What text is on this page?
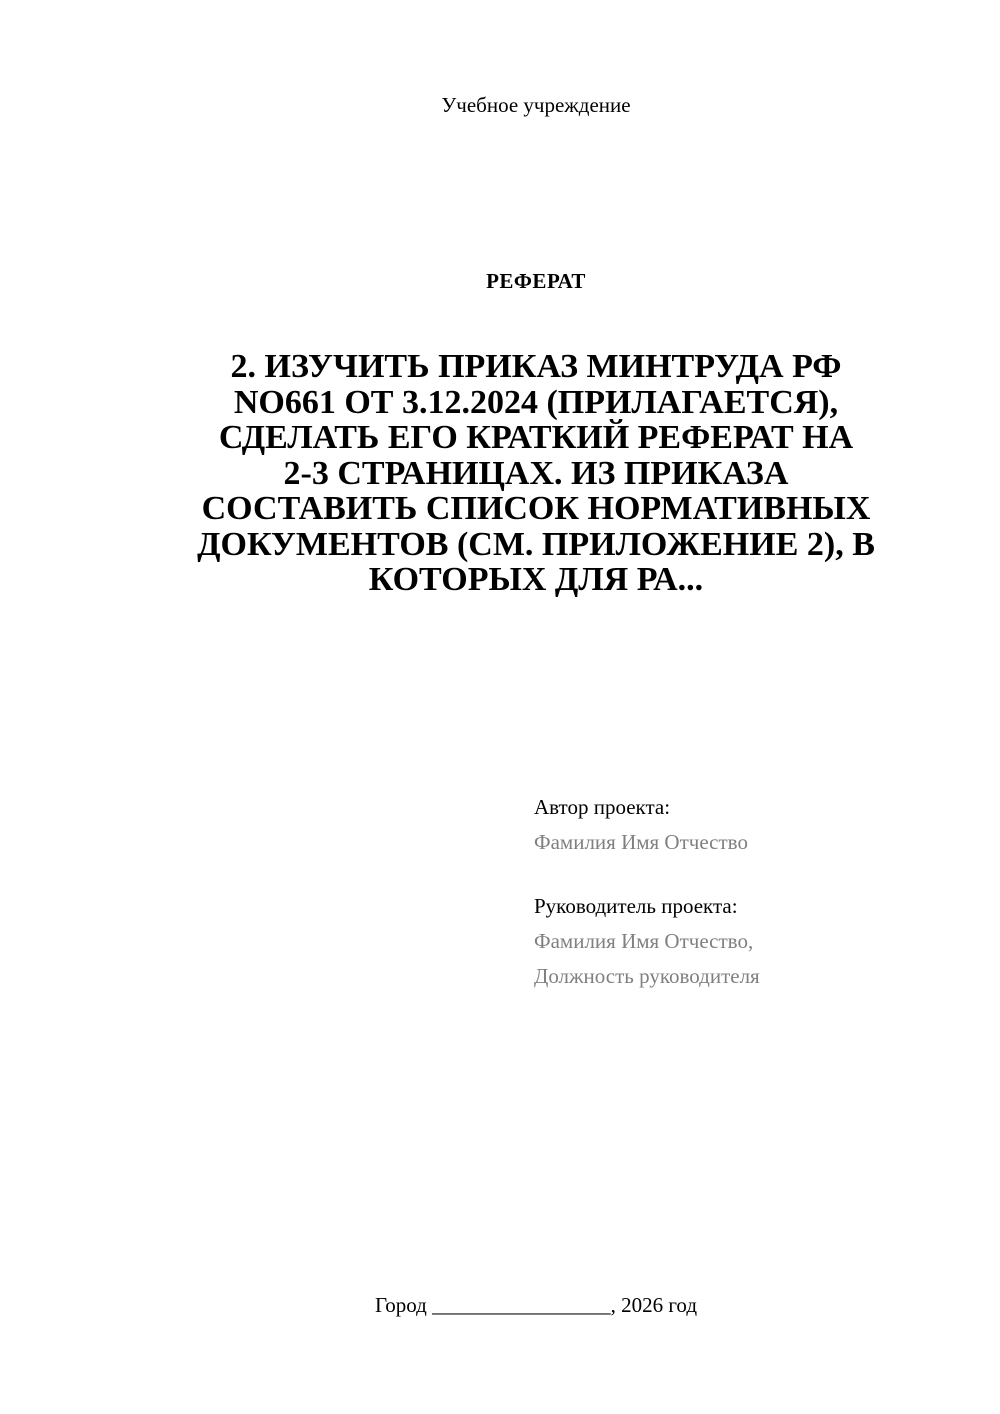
Учебное учреждение
РЕФЕРАТ
2. ИЗУЧИТЬ ПРИКАЗ МИНТРУДА РФ
NO661 ОТ 3.12.2024 (ПРИЛАГАЕТСЯ),
СДЕЛАТЬ ЕГО КРАТКИЙ РЕФЕРАТ НА
2-3 СТРАНИЦАХ. ИЗ ПРИКАЗА
СОСТАВИТЬ СПИСОК НОРМАТИВНЫХ
ДОКУМЕНТОВ (СМ. ПРИЛОЖЕНИЕ 2), В
КОТОРЫХ ДЛЯ РА...
Автор проекта:
Фамилия Имя Отчество
Руководитель проекта:
Фамилия Имя Отчество,
Должность руководителя
Город _________________, 2026 год
